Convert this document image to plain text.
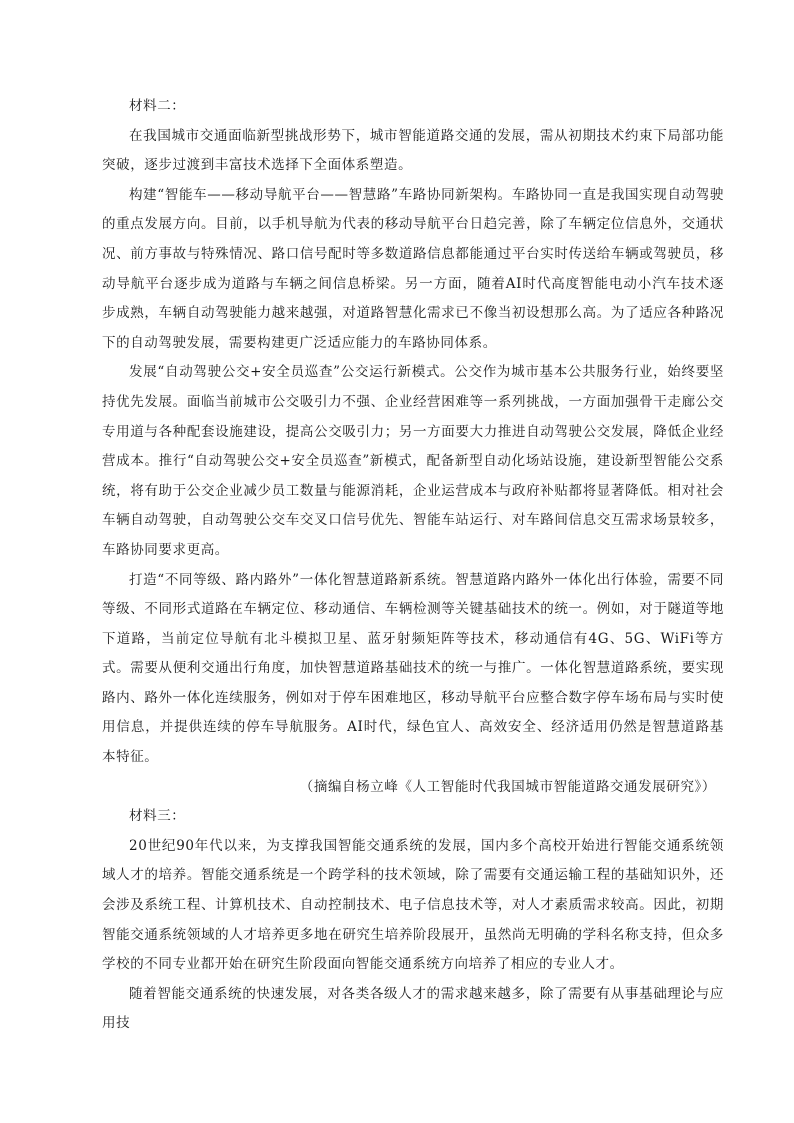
材料二：

在我国城市交通面临新型挑战形势下，城市智能道路交通的发展，需从初期技术约束下局部功能突破，逐步过渡到丰富技术选择下全面体系塑造。

构建“智能车——移动导航平台——智慧路”车路协同新架构。车路协同一直是我国实现自动驾驶的重点发展方向。目前，以手机导航为代表的移动导航平台日趋完善，除了车辆定位信息外，交通状况、前方事故与特殊情况、路口信号配时等多数道路信息都能通过平台实时传送给车辆或驾驶员，移动导航平台逐步成为道路与车辆之间信息桥梁。另一方面，随着AI时代高度智能电动小汽车技术逐步成熟，车辆自动驾驶能力越来越强，对道路智慧化需求已不像当初设想那么高。为了适应各种路况下的自动驾驶发展，需要构建更广泛适应能力的车路协同体系。

发展“自动驾驶公交+安全员巡查”公交运行新模式。公交作为城市基本公共服务行业，始终要坚持优先发展。面临当前城市公交吸引力不强、企业经营困难等一系列挑战，一方面加强骨干走廊公交专用道与各种配套设施建设，提高公交吸引力；另一方面要大力推进自动驾驶公交发展，降低企业经营成本。推行“自动驾驶公交+安全员巡查”新模式，配备新型自动化场站设施，建设新型智能公交系统，将有助于公交企业减少员工数量与能源消耗，企业运营成本与政府补贴都将显著降低。相对社会车辆自动驾驶，自动驾驶公交车交叉口信号优先、智能车站运行、对车路间信息交互需求场景较多，车路协同要求更高。

打造“不同等级、路内路外”一体化智慧道路新系统。智慧道路内路外一体化出行体验，需要不同等级、不同形式道路在车辆定位、移动通信、车辆检测等关键基础技术的统一。例如，对于隧道等地下道路，当前定位导航有北斗模拟卫星、蓝牙射频矩阵等技术，移动通信有4G、5G、WiFi等方式。需要从便利交通出行角度，加快智慧道路基础技术的统一与推广。一体化智慧道路系统，要实现路内、路外一体化连续服务，例如对于停车困难地区，移动导航平台应整合数字停车场布局与实时使用信息，并提供连续的停车导航服务。AI时代，绿色宜人、高效安全、经济适用仍然是智慧道路基本特征。

（摘编自杨立峰《人工智能时代我国城市智能道路交通发展研究》）

材料三：

20世纪90年代以来，为支撑我国智能交通系统的发展，国内多个高校开始进行智能交通系统领域人才的培养。智能交通系统是一个跨学科的技术领域，除了需要有交通运输工程的基础知识外，还会涉及系统工程、计算机技术、自动控制技术、电子信息技术等，对人才素质需求较高。因此，初期智能交通系统领域的人才培养更多地在研究生培养阶段展开，虽然尚无明确的学科名称支持，但众多学校的不同专业都开始在研究生阶段面向智能交通系统方向培养了相应的专业人才。

随着智能交通系统的快速发展，对各类各级人才的需求越来越多，除了需要有从事基础理论与应用技
